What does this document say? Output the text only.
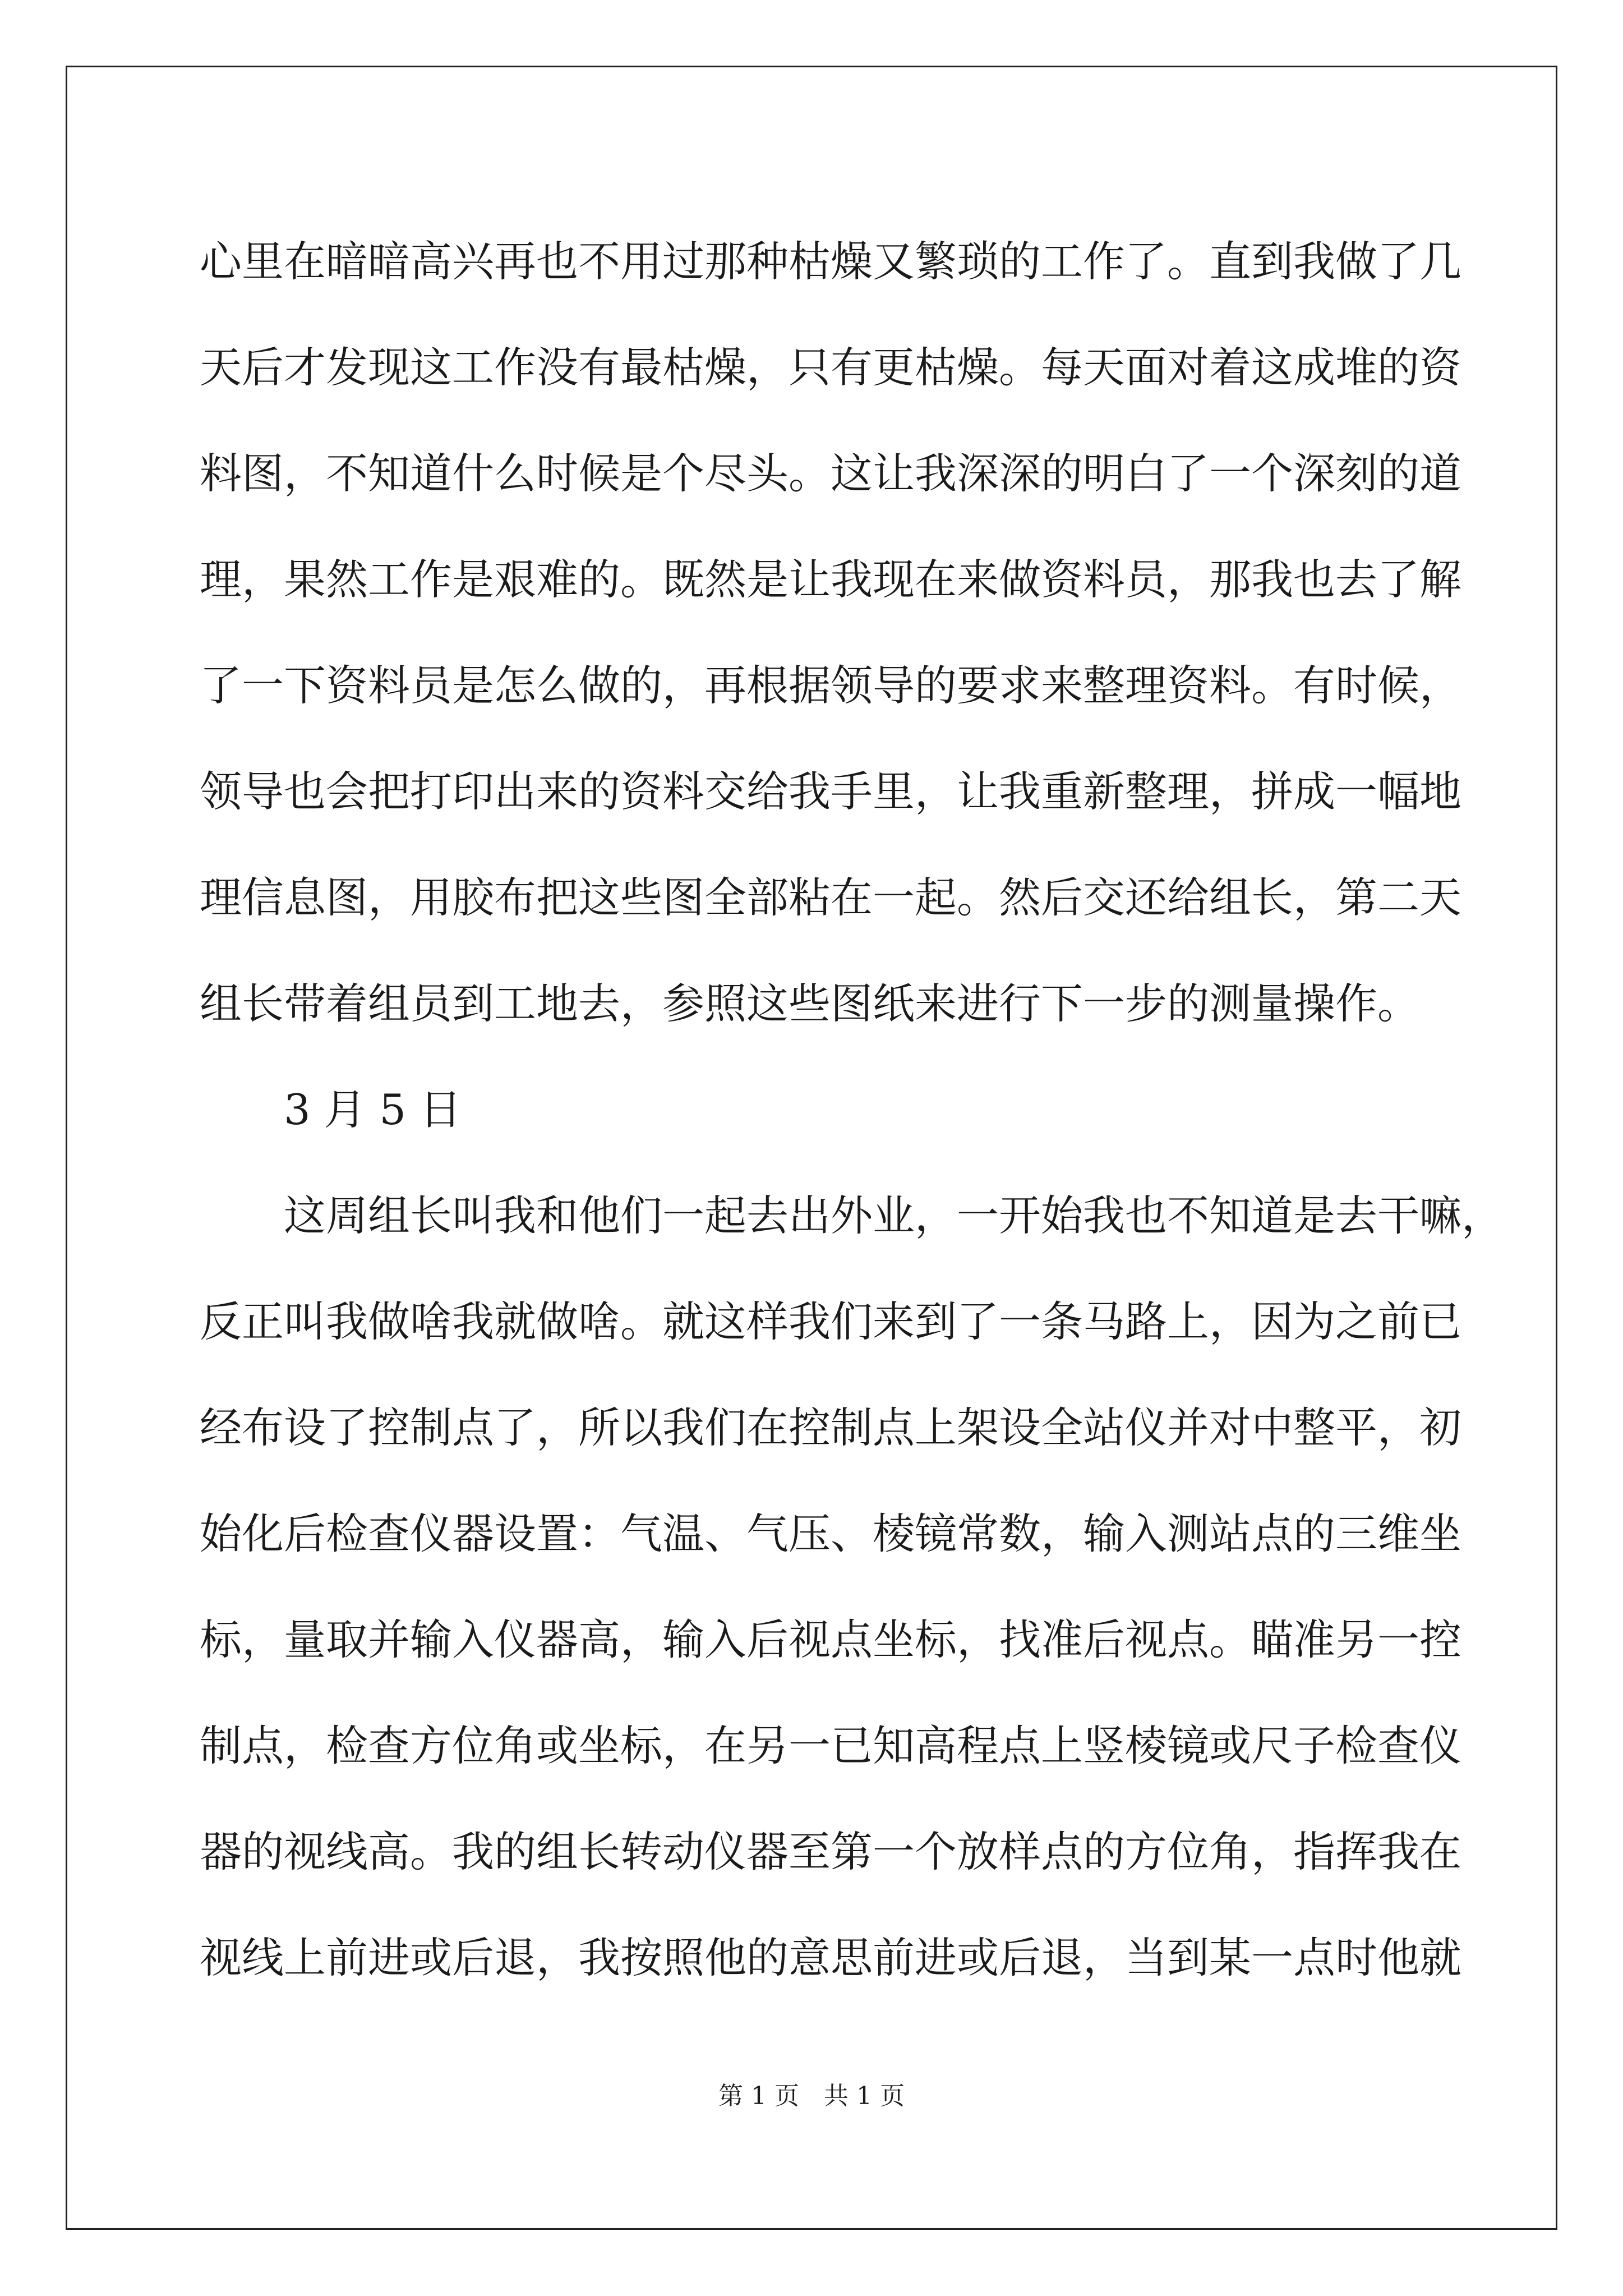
心里在暗暗高兴再也不用过那种枯燥又繁琐的工作了。直到我做了几
天后才发现这工作没有最枯燥，只有更枯燥。每天面对着这成堆的资
料图，不知道什么时候是个尽头。这让我深深的明白了一个深刻的道
理，果然工作是艰难的。既然是让我现在来做资料员，那我也去了解
了一下资料员是怎么做的，再根据领导的要求来整理资料。有时候，
领导也会把打印出来的资料交给我手里，让我重新整理，拼成一幅地
理信息图，用胶布把这些图全部粘在一起。然后交还给组长，第二天
组长带着组员到工地去，参照这些图纸来进行下一步的测量操作。
3 月 5 日
这周组长叫我和他们一起去出外业，一开始我也不知道是去干嘛，
反正叫我做啥我就做啥。就这样我们来到了一条马路上，因为之前已
经布设了控制点了，所以我们在控制点上架设全站仪并对中整平，初
始化后检查仪器设置：气温、气压、棱镜常数，输入测站点的三维坐
标，量取并输入仪器高，输入后视点坐标，找准后视点。瞄准另一控
制点，检查方位角或坐标，在另一已知高程点上竖棱镜或尺子检查仪
器的视线高。我的组长转动仪器至第一个放样点的方位角，指挥我在
视线上前进或后退，我按照他的意思前进或后退，当到某一点时他就
第 1 页　共 1 页
